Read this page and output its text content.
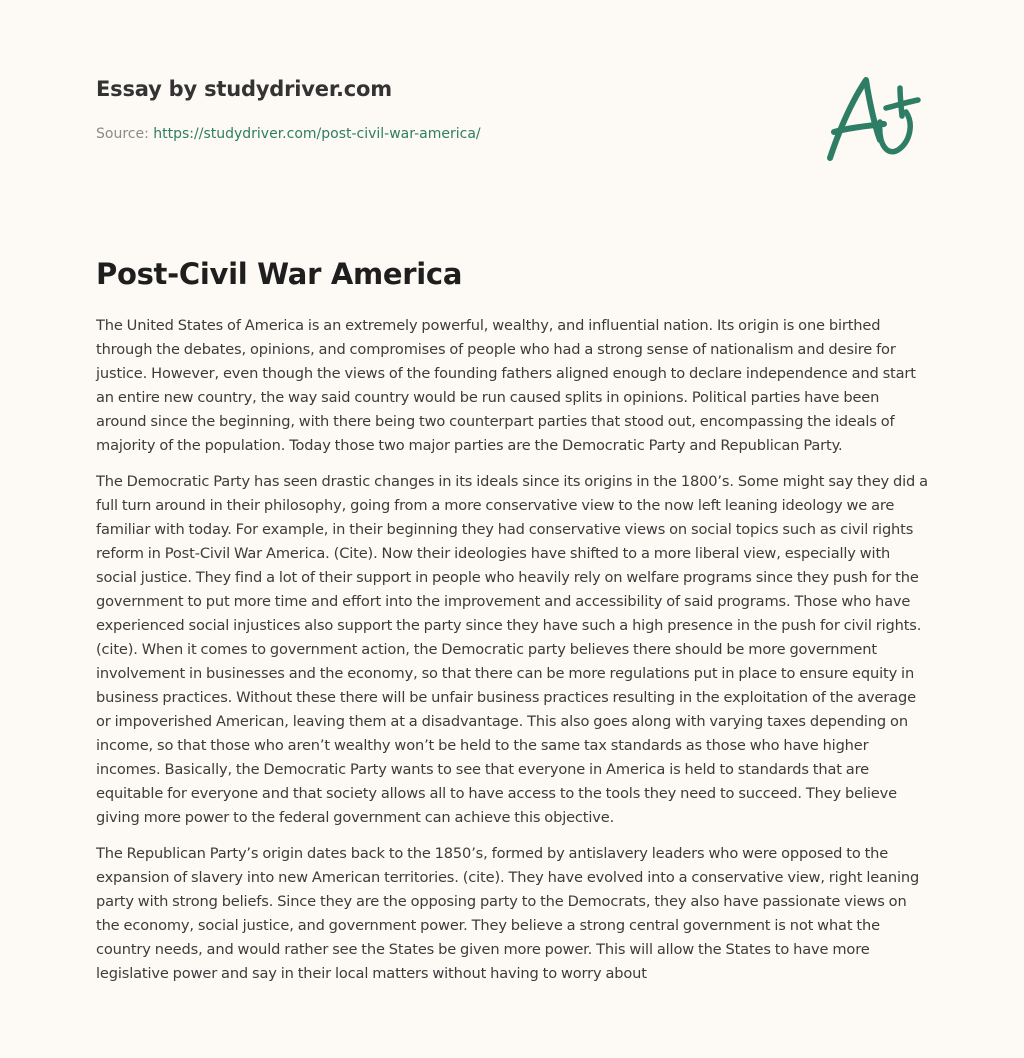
Essay by studydriver.com
Source: https://studydriver.com/post-civil-war-america/
Post-Civil War America

The United States of America is an extremely powerful, wealthy, and influential nation. Its origin is one birthed through the debates, opinions, and compromises of people who had a strong sense of nationalism and desire for justice. However, even though the views of the founding fathers aligned enough to declare independence and start an entire new country, the way said country would be run caused splits in opinions. Political parties have been around since the beginning, with there being two counterpart parties that stood out, encompassing the ideals of majority of the population. Today those two major parties are the Democratic Party and Republican Party.

The Democratic Party has seen drastic changes in its ideals since its origins in the 1800’s. Some might say they did a full turn around in their philosophy, going from a more conservative view to the now left leaning ideology we are familiar with today. For example, in their beginning they had conservative views on social topics such as civil rights reform in Post-Civil War America. (Cite). Now their ideologies have shifted to a more liberal view, especially with social justice. They find a lot of their support in people who heavily rely on welfare programs since they push for the government to put more time and effort into the improvement and accessibility of said programs. Those who have experienced social injustices also support the party since they have such a high presence in the push for civil rights. (cite). When it comes to government action, the Democratic party believes there should be more government involvement in businesses and the economy, so that there can be more regulations put in place to ensure equity in business practices. Without these there will be unfair business practices resulting in the exploitation of the average or impoverished American, leaving them at a disadvantage. This also goes along with varying taxes depending on income, so that those who aren’t wealthy won’t be held to the same tax standards as those who have higher incomes. Basically, the Democratic Party wants to see that everyone in America is held to standards that are equitable for everyone and that society allows all to have access to the tools they need to succeed. They believe giving more power to the federal government can achieve this objective.

The Republican Party’s origin dates back to the 1850’s, formed by antislavery leaders who were opposed to the expansion of slavery into new American territories. (cite). They have evolved into a conservative view, right leaning party with strong beliefs. Since they are the opposing party to the Democrats, they also have passionate views on the economy, social justice, and government power. They believe a strong central government is not what the country needs, and would rather see the States be given more power. This will allow the States to have more legislative power and say in their local matters without having to worry about
